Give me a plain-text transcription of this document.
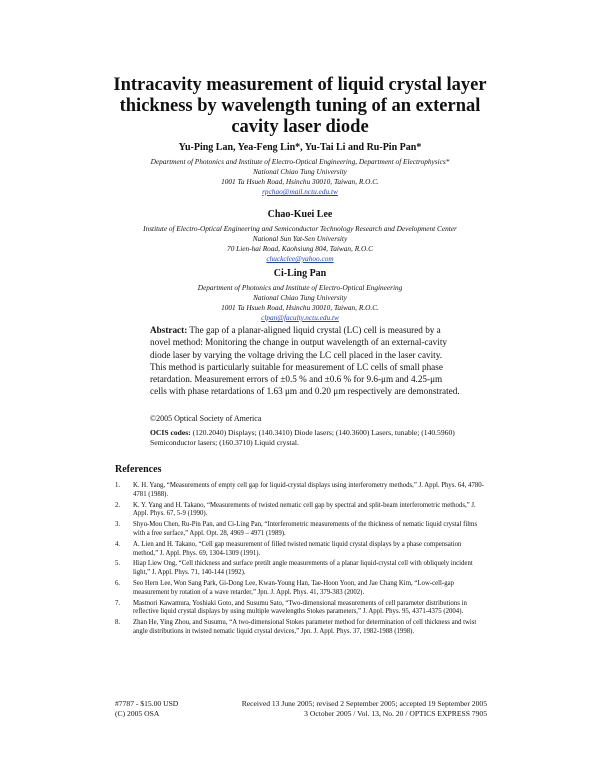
Intracavity measurement of liquid crystal layer thickness by wavelength tuning of an external cavity laser diode
Yu-Ping Lan, Yea-Feng Lin*, Yu-Tai Li and Ru-Pin Pan*
Department of Photonics and Institute of Electro-Optical Engineering, Department of Electrophysics*
National Chiao Tung University
1001 Ta Hsueh Road, Hsinchu 30010, Taiwan, R.O.C.
rpchao@mail.nctu.edu.tw
Chao-Kuei Lee
Institute of Electro-Optical Engineering and Semiconductor Technology Research and Development Center
National Sun Yat-Sen University
70 Lien-hai Road, Kaohsiung 804, Taiwan, R.O.C
chuckclee@yahoo.com
Ci-Ling Pan
Department of Photonics and Institute of Electro-Optical Engineering
National Chiao Tung University
1001 Ta Hsueh Road, Hsinchu 30010, Taiwan, R.O.C.
clpan@faculty.nctu.edu.tw
Abstract: The gap of a planar-aligned liquid crystal (LC) cell is measured by a novel method: Monitoring the change in output wavelength of an external-cavity diode laser by varying the voltage driving the LC cell placed in the laser cavity. This method is particularly suitable for measurement of LC cells of small phase retardation. Measurement errors of ±0.5 % and ±0.6 % for 9.6-μm and 4.25-μm cells with phase retardations of 1.63 μm and 0.20 μm respectively are demonstrated.
©2005 Optical Society of America
OCIS codes: (120.2040) Displays; (140.3410) Diode lasers; (140.3600) Lasers, tunable; (140.5960) Semiconductor lasers; (160.3710) Liquid crystal.
References
1.	K. H. Yang, “Measurements of empty cell gap for liquid-crystal displays using interferometry methods,” J. Appl. Phys. 64, 4780-4781 (1988).
2.	K. Y. Yang and H. Takano, “Measurements of twisted nematic cell gap by spectral and split-beam interferometric methods,” J. Appl. Phys. 67, 5-9 (1990).
3.	Shyu-Mou Chen, Ru-Pin Pan, and Ci-Ling Pan, “Interferometric measurements of the thickness of nematic liquid crystal films with a free surface,” Appl. Opt. 28, 4969 – 4971 (1989).
4.	A. Lien and H. Takano, “Cell gap measurement of filled twisted nematic liquid crystal displays by a phase compensation method,” J. Appl. Phys. 69, 1304-1309 (1991).
5.	Hiap Liew Ong, “Cell thickness and surface pretilt angle measurements of a planar liquid-crystal cell with obliquely incident light,” J. Appl. Phys. 71, 140-144 (1992).
6.	Seo Hern Lee, Won Sang Park, Gi-Dong Lee, Kwan-Young Han, Tae-Hoon Yoon, and Jae Chang Kim, “Low-cell-gap measurement by rotation of a wave retarder,” Jpn. J. Appl. Phys. 41, 379-383 (2002).
7.	Mastnori Kawamura, Yoshiaki Goto, and Susumu Sato, “Two-dimensional measurements of cell parameter distributions in reflective liquid crystal displays by using multiple wavelengths Stokes parameters,” J. Appl. Phys. 95, 4371-4375 (2004).
8.	Zhan He, Ying Zhou, and Susumu, “A two-dimensional Stokes parameter method for determination of cell thickness and twist angle distributions in twisted nematic liquid crystal devices,” Jpn. J. Appl. Phys. 37, 1982-1988 (1998).
#7787 - $15.00 USD	Received 13 June 2005; revised 2 September 2005; accepted 19 September 2005
(C) 2005 OSA	3 October 2005 / Vol. 13, No. 20 / OPTICS EXPRESS 7905
